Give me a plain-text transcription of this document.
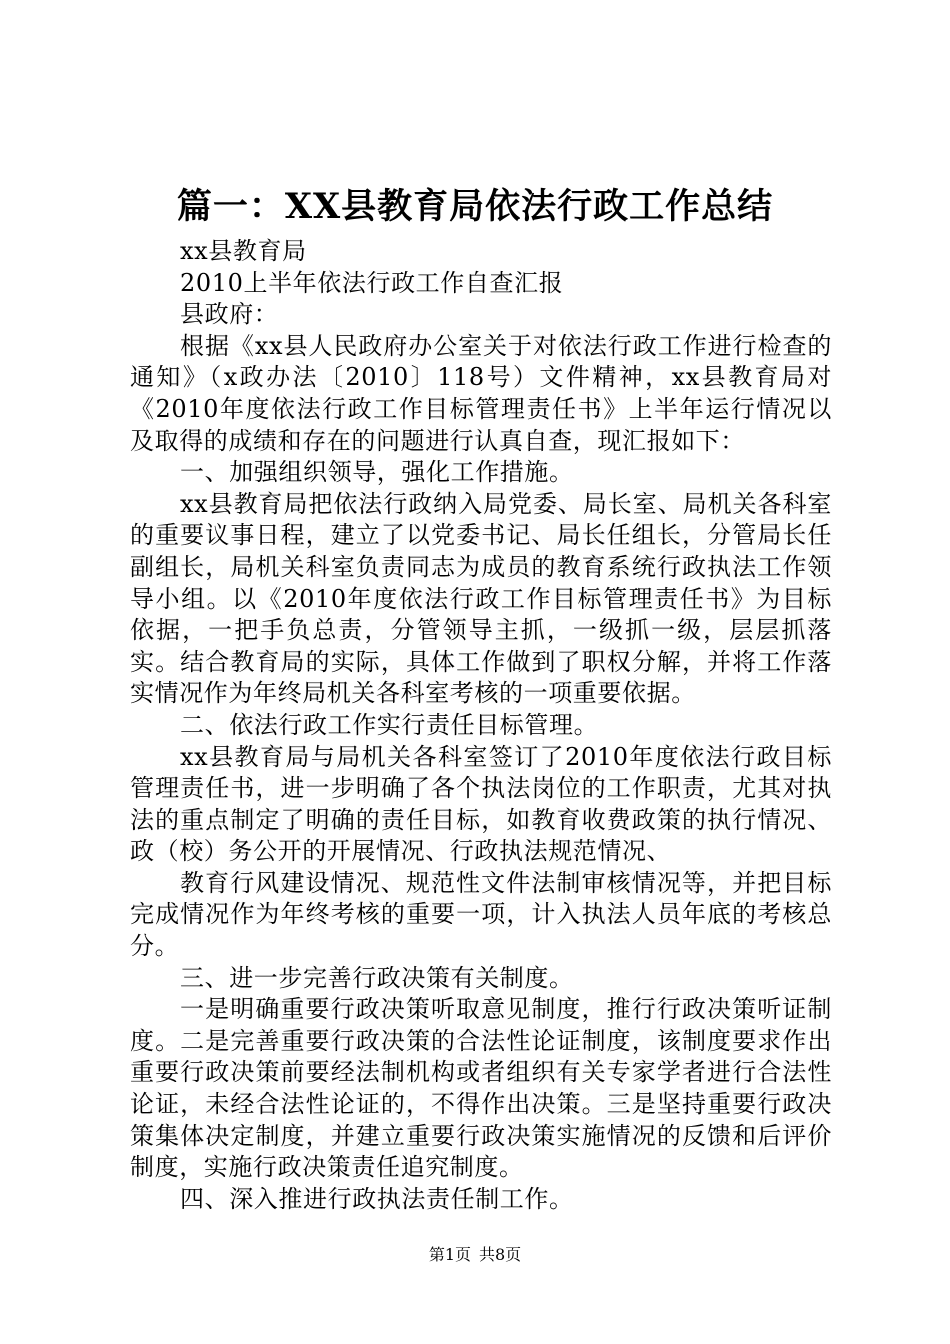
篇一：XX县教育局依法行政工作总结

xx县教育局

2010上半年依法行政工作自查汇报

县政府：

根据《xx县人民政府办公室关于对依法行政工作进行检查的通知》（x政办法〔2010〕118号）文件精神，xx县教育局对《2010年度依法行政工作目标管理责任书》上半年运行情况以及取得的成绩和存在的问题进行认真自查，现汇报如下：

一、加强组织领导，强化工作措施。

xx县教育局把依法行政纳入局党委、局长室、局机关各科室的重要议事日程，建立了以党委书记、局长任组长，分管局长任副组长，局机关科室负责同志为成员的教育系统行政执法工作领导小组。以《2010年度依法行政工作目标管理责任书》为目标依据，一把手负总责，分管领导主抓，一级抓一级，层层抓落实。结合教育局的实际，具体工作做到了职权分解，并将工作落实情况作为年终局机关各科室考核的一项重要依据。

二、依法行政工作实行责任目标管理。

xx县教育局与局机关各科室签订了2010年度依法行政目标管理责任书，进一步明确了各个执法岗位的工作职责，尤其对执法的重点制定了明确的责任目标，如教育收费政策的执行情况、政（校）务公开的开展情况、行政执法规范情况、

教育行风建设情况、规范性文件法制审核情况等，并把目标完成情况作为年终考核的重要一项，计入执法人员年底的考核总分。

三、进一步完善行政决策有关制度。

一是明确重要行政决策听取意见制度，推行行政决策听证制度。二是完善重要行政决策的合法性论证制度，该制度要求作出重要行政决策前要经法制机构或者组织有关专家学者进行合法性论证，未经合法性论证的，不得作出决策。三是坚持重要行政决策集体决定制度，并建立重要行政决策实施情况的反馈和后评价制度，实施行政决策责任追究制度。

四、深入推进行政执法责任制工作。

第1页 共8页
